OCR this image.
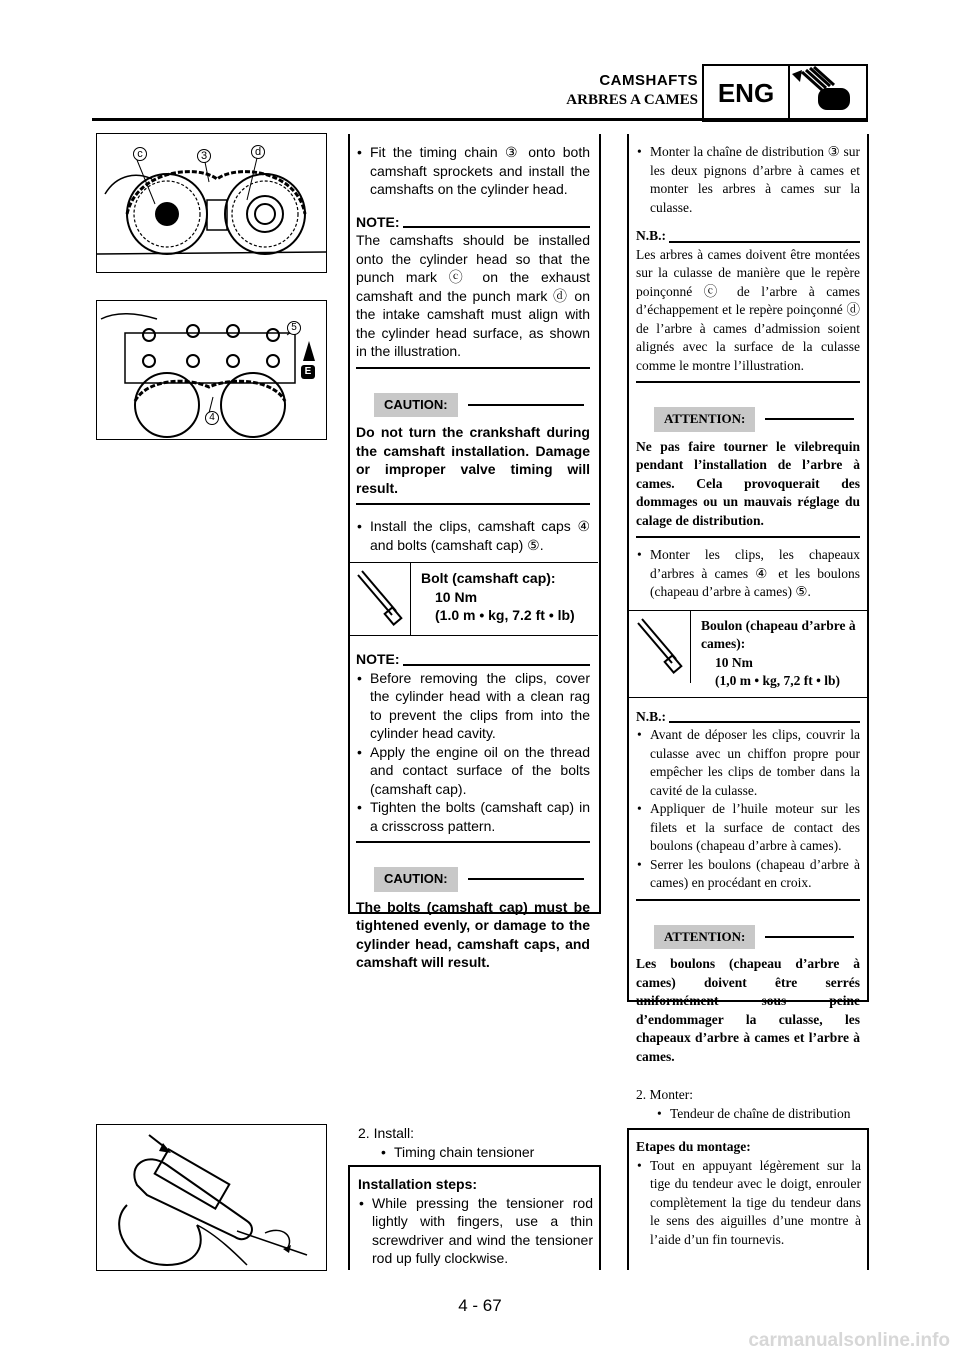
CAMSHAFTS
ARBRES A CAMES ENG
c	3	d
5
4
E
• Fit the timing chain ③ onto both camshaft sprockets and install the camshafts on the cylinder head.
NOTE:
The camshafts should be installed onto the cylinder head so that the punch mark ⓒ on the exhaust camshaft and the punch mark ⓓ on the intake camshaft must align with the cylinder head surface, as shown in the illustration.
CAUTION:
Do not turn the crankshaft during the camshaft installation. Damage or improper valve timing will result.
• Install the clips, camshaft caps ④ and bolts (camshaft cap) ⑤.
Bolt (camshaft cap):
10 Nm
(1.0 m • kg, 7.2 ft • lb)
NOTE:
• Before removing the clips, cover the cylinder head with a clean rag to prevent the clips from into the cylinder head cavity.
• Apply the engine oil on the thread and contact surface of the bolts (camshaft cap).
• Tighten the bolts (camshaft cap) in a crisscross pattern.
CAUTION:
The bolts (camshaft cap) must be tightened evenly, or damage to the cylinder head, camshaft caps, and camshaft will result.
• Monter la chaîne de distribution ③ sur les deux pignons d’arbre à cames et monter les arbres à cames sur la culasse.
N.B.:
Les arbres à cames doivent être montées sur la culasse de manière que le repère poinçonné ⓒ de l’arbre à cames d’échappement et le repère poinçonné ⓓ de l’arbre à cames d’admission soient alignés avec la surface de la culasse comme le montre l’illustration.
ATTENTION:
Ne pas faire tourner le vilebrequin pendant l’installation de l’arbre à cames. Cela provoquerait des dommages ou un mauvais réglage du calage de distribution.
• Monter les clips, les chapeaux d’arbres à cames ④ et les boulons (chapeau d’arbre à cames) ⑤.
Boulon (chapeau d’arbre à cames):
10 Nm
(1,0 m • kg, 7,2 ft • lb)
N.B.:
• Avant de déposer les clips, couvrir la culasse avec un chiffon propre pour empêcher les clips de tomber dans la cavité de la culasse.
• Appliquer de l’huile moteur sur les filets et la surface de contact des boulons (chapeau d’arbre à cames).
• Serrer les boulons (chapeau d’arbre à cames) en procédant en croix.
ATTENTION:
Les boulons (chapeau d’arbre à cames) doivent être serrés uniformément sous peine d’endommager la culasse, les chapeaux d’arbre à cames et l’arbre à cames.
2. Install:
• Timing chain tensioner
Installation steps:
• While pressing the tensioner rod lightly with fingers, use a thin screwdriver and wind the tensioner rod up fully clockwise.
2. Monter:
• Tendeur de chaîne de distribution
Etapes du montage:
• Tout en appuyant légèrement sur la tige du tendeur avec le doigt, enrouler complètement la tige du tendeur dans le sens des aiguilles d’une montre à l’aide d’un fin tournevis.
4 - 67
carmanualsonline.info
